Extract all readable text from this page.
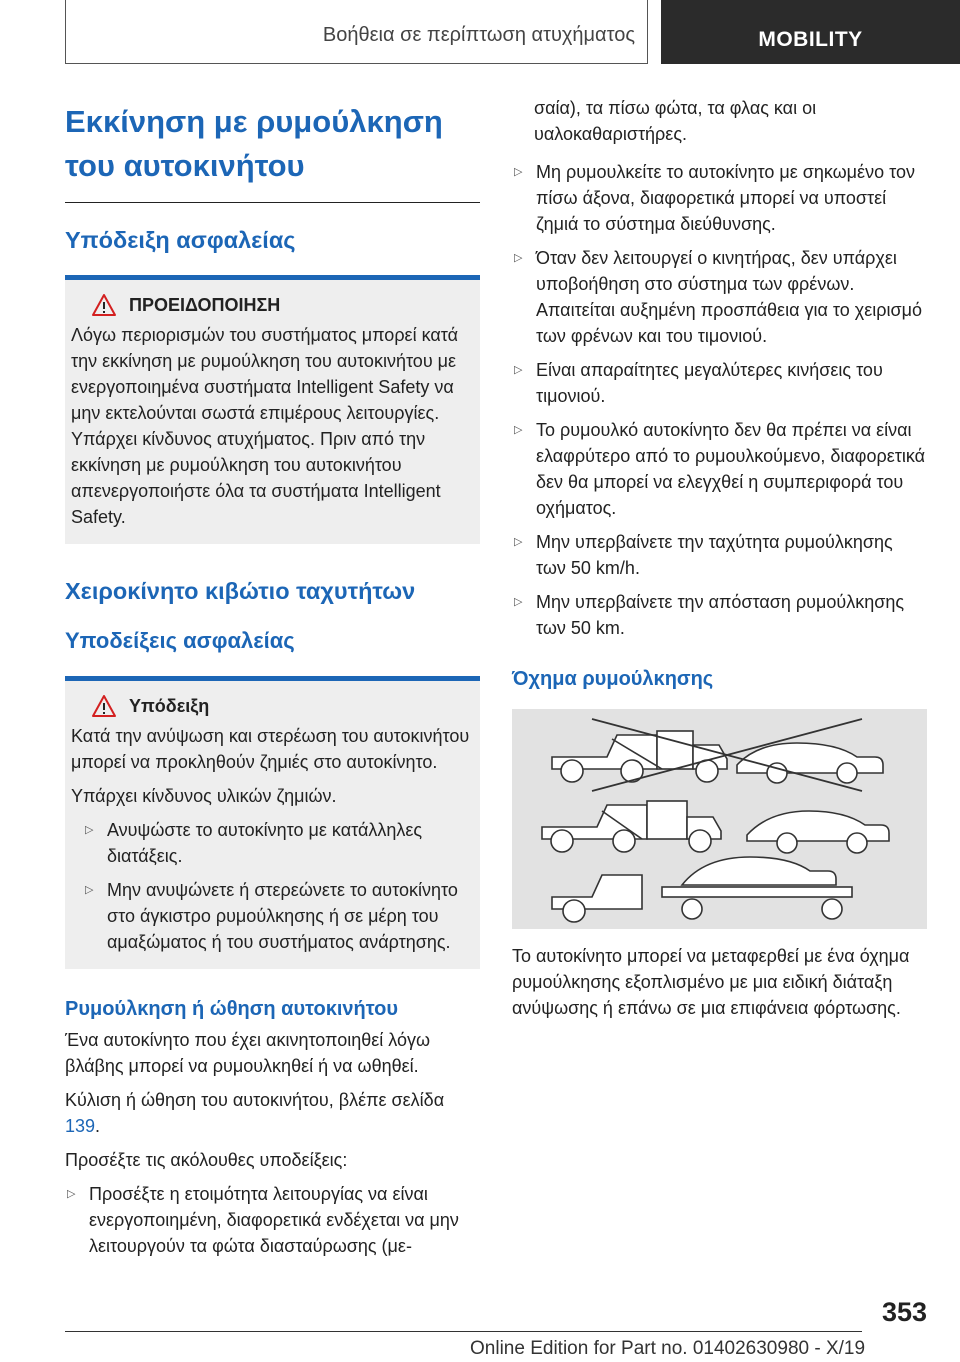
Βοήθεια σε περίπτωση ατυχήματος	MOBILITY
Εκκίνηση με ρυμούλκηση
του αυτοκινήτου
Υπόδειξη ασφαλείας
ΠΡΟΕΙΔΟΠΟΙΗΣΗ

Λόγω περιορισμών του συστήματος μπορεί κατά την εκκίνηση με ρυμούλκηση του αυτοκινήτου με ενεργοποιημένα συστήματα Intelligent Safety να μην εκτελούνται σωστά επιμέρους λειτουργίες. Υπάρχει κίνδυνος ατυχήματος. Πριν από την εκκίνηση με ρυμούλκηση του αυτοκινήτου απενεργοποιήστε όλα τα συστήματα Intelligent Safety.

Χειροκίνητο κιβώτιο ταχυτήτων
Υποδείξεις ασφαλείας
Υπόδειξη

Κατά την ανύψωση και στερέωση του αυτοκινήτου μπορεί να προκληθούν ζημιές στο αυτοκίνητο.

Υπάρχει κίνδυνος υλικών ζημιών.

▷ Ανυψώστε το αυτοκίνητο με κατάλληλες διατάξεις.
▷ Μην ανυψώνετε ή στερεώνετε το αυτοκίνητο στο άγκιστρο ρυμούλκησης ή σε μέρη του αμαξώματος ή του συστήματος ανάρτησης.
Ρυμούλκηση ή ώθηση αυτοκινήτου

Ένα αυτοκίνητο που έχει ακινητοποιηθεί λόγω βλάβης μπορεί να ρυμουλκηθεί ή να ωθηθεί.

Κύλιση ή ώθηση του αυτοκινήτου, βλέπε σελίδα 139.

Προσέξτε τις ακόλουθες υποδείξεις:

▷ Προσέξτε η ετοιμότητα λειτουργίας να είναι ενεργοποιημένη, διαφορετικά ενδέχεται να μην λειτουργούν τα φώτα διασταύρωσης (με-
σαία), τα πίσω φώτα, τα φλας και οι υαλοκαθαριστήρες.
▷ Μη ρυμουλκείτε το αυτοκίνητο με σηκωμένο τον πίσω άξονα, διαφορετικά μπορεί να υποστεί ζημιά το σύστημα διεύθυνσης.
▷ Όταν δεν λειτουργεί ο κινητήρας, δεν υπάρχει υποβοήθηση στο σύστημα των φρένων. Απαιτείται αυξημένη προσπάθεια για το χειρισμό των φρένων και του τιμονιού.
▷ Είναι απαραίτητες μεγαλύτερες κινήσεις του τιμονιού.
▷ Το ρυμουλκό αυτοκίνητο δεν θα πρέπει να είναι ελαφρύτερο από το ρυμουλκούμενο, διαφορετικά δεν θα μπορεί να ελεγχθεί η συμπεριφορά του οχήματος.
▷ Μην υπερβαίνετε την ταχύτητα ρυμούλκησης των 50 km/h.
▷ Μην υπερβαίνετε την απόσταση ρυμούλκησης των 50 km.
Όχημα ρυμούλκησης

Το αυτοκίνητο μπορεί να μεταφερθεί με ένα όχημα ρυμούλκησης εξοπλισμένο με μια ειδική διάταξη ανύψωσης ή επάνω σε μια επιφάνεια φόρτωσης.

353
Online Edition for Part no. 01402630980 - X/19
